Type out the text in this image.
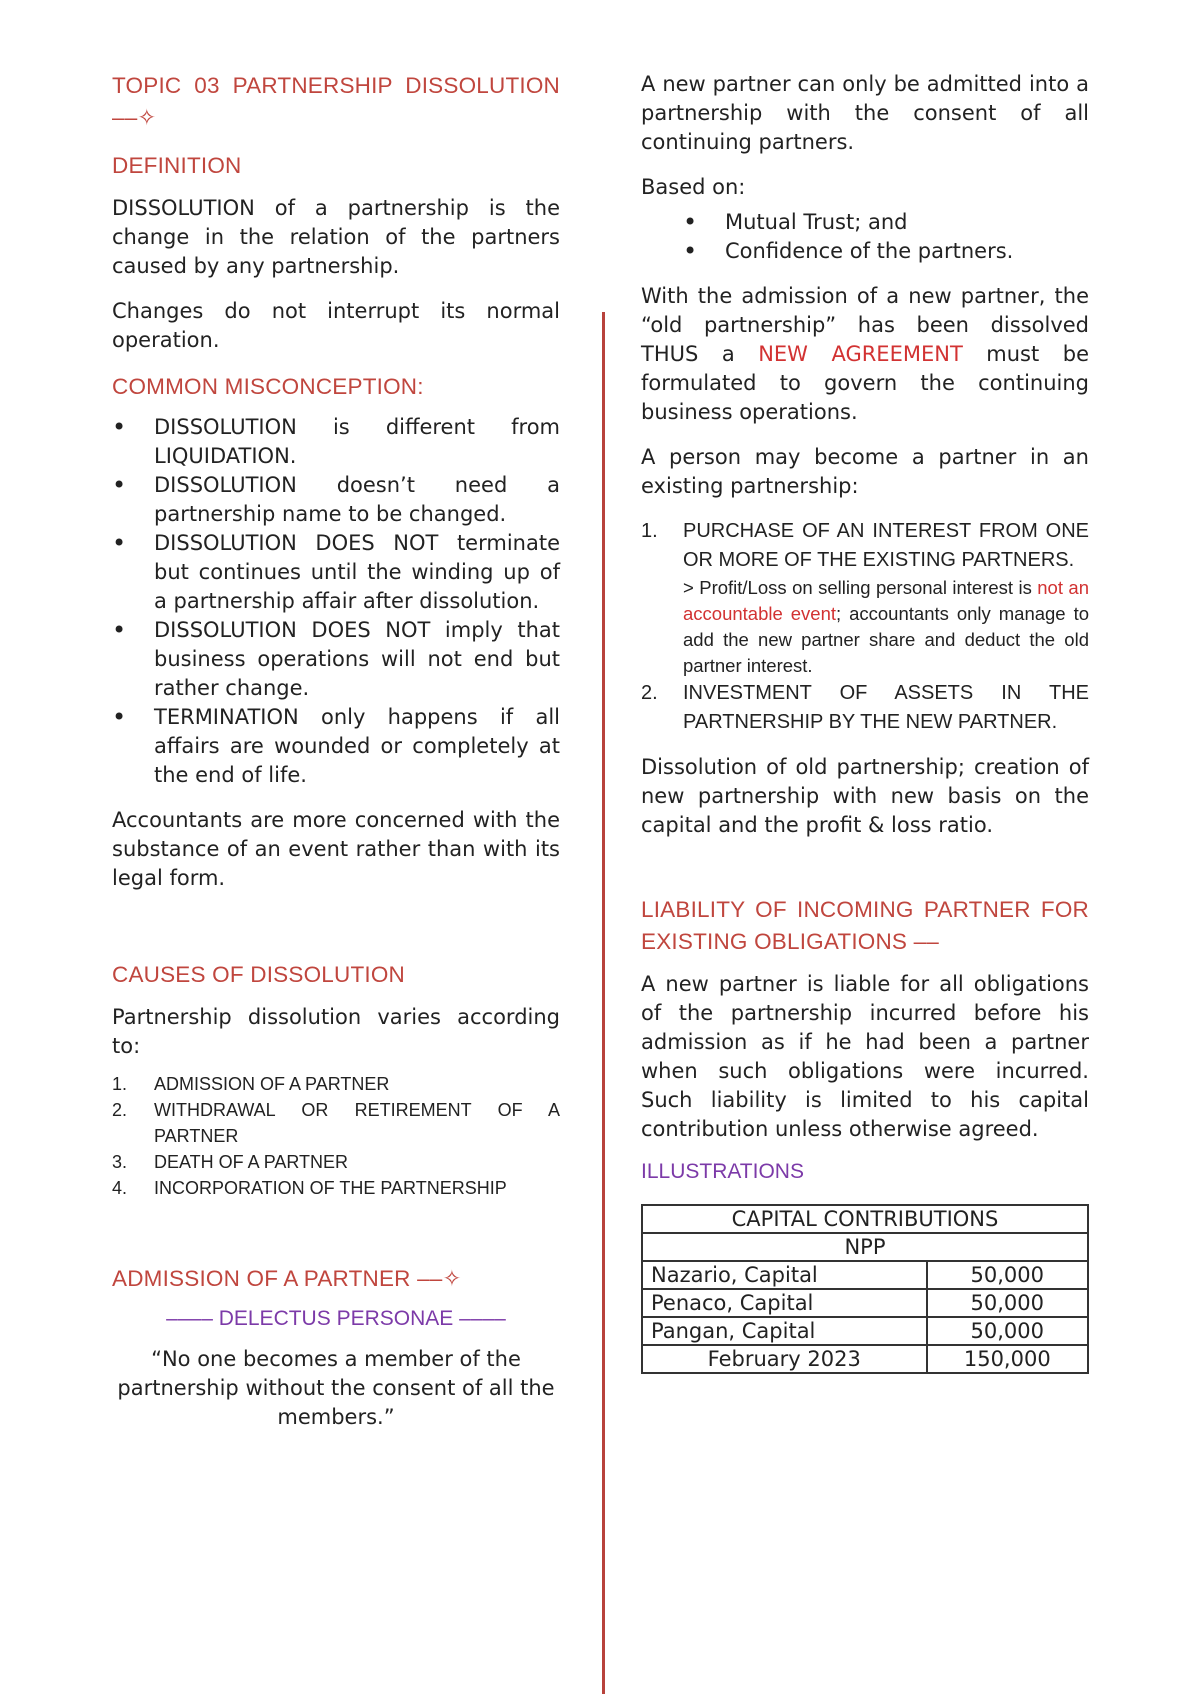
TOPIC 03 PARTNERSHIP DISSOLUTION ––✧
DEFINITION

DISSOLUTION of a partnership is the change in the relation of the partners caused by any partnership.

Changes do not interrupt its normal operation.

COMMON MISCONCEPTION:
• DISSOLUTION is different from LIQUIDATION.
• DISSOLUTION doesn’t need a partnership name to be changed.
• DISSOLUTION DOES NOT terminate but continues until the winding up of a partnership affair after dissolution.
• DISSOLUTION DOES NOT imply that business operations will not end but rather change.
• TERMINATION only happens if all affairs are wounded or completely at the end of life.

Accountants are more concerned with the substance of an event rather than with its legal form.

CAUSES OF DISSOLUTION

Partnership dissolution varies according to:

1. ADMISSION OF A PARTNER
2. WITHDRAWAL OR RETIREMENT OF A PARTNER
3. DEATH OF A PARTNER
4. INCORPORATION OF THE PARTNERSHIP
ADMISSION OF A PARTNER ––✧
–––– DELECTUS PERSONAE ––––

“No one becomes a member of the partnership without the consent of all the members.”

A new partner can only be admitted into a partnership with the consent of all continuing partners.

Based on:

• Mutual Trust; and
• Confidence of the partners.

With the admission of a new partner, the “old partnership” has been dissolved THUS a NEW AGREEMENT must be formulated to govern the continuing business operations.

A person may become a partner in an existing partnership:

1. PURCHASE OF AN INTEREST FROM ONE OR MORE OF THE EXISTING PARTNERS.
> Profit/Loss on selling personal interest is not an accountable event; accountants only manage to add the new partner share and deduct the old partner interest.
2. INVESTMENT OF ASSETS IN THE PARTNERSHIP BY THE NEW PARTNER.

Dissolution of old partnership; creation of new partnership with new basis on the capital and the profit & loss ratio.

LIABILITY OF INCOMING PARTNER FOR EXISTING OBLIGATIONS ––

A new partner is liable for all obligations of the partnership incurred before his admission as if he had been a partner when such obligations were incurred. Such liability is limited to his capital contribution unless otherwise agreed.

ILLUSTRATIONS
CAPITAL CONTRIBUTIONS	
NPP	
Nazario, Capital	50,000
Penaco, Capital	50,000
Pangan, Capital	50,000
February 2023	150,000
